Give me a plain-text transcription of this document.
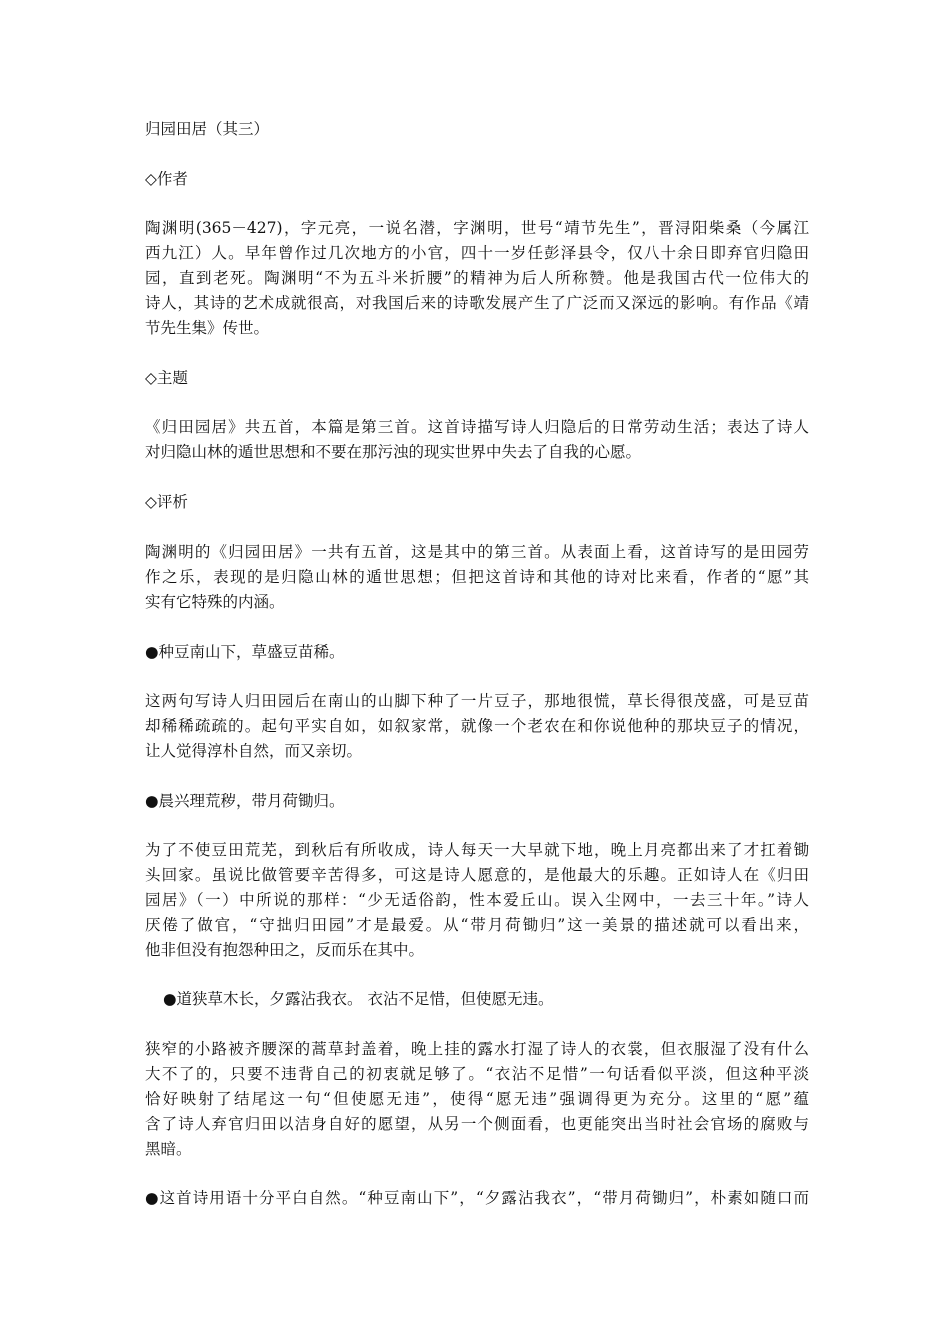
归园田居（其三）

◇作者

陶渊明(365－427)，字元亮，一说名潜，字渊明，世号“靖节先生”，晋浔阳柴桑（今属江
西九江）人。早年曾作过几次地方的小官，四十一岁任彭泽县令，仅八十余日即弃官归隐田
园，直到老死。陶渊明“不为五斗米折腰”的精神为后人所称赞。他是我国古代一位伟大的
诗人，其诗的艺术成就很高，对我国后来的诗歌发展产生了广泛而又深远的影响。有作品《靖
节先生集》传世。

◇主题

《归田园居》共五首，本篇是第三首。这首诗描写诗人归隐后的日常劳动生活；表达了诗人
对归隐山林的遁世思想和不要在那污浊的现实世界中失去了自我的心愿。

◇评析

陶渊明的《归园田居》一共有五首，这是其中的第三首。从表面上看，这首诗写的是田园劳
作之乐，表现的是归隐山林的遁世思想；但把这首诗和其他的诗对比来看，作者的“愿”其
实有它特殊的内涵。

●种豆南山下，草盛豆苗稀。

这两句写诗人归田园后在南山的山脚下种了一片豆子，那地很慌，草长得很茂盛，可是豆苗
却稀稀疏疏的。起句平实自如，如叙家常，就像一个老农在和你说他种的那块豆子的情况，
让人觉得淳朴自然，而又亲切。

●晨兴理荒秽，带月荷锄归。

为了不使豆田荒芜，到秋后有所收成，诗人每天一大早就下地，晚上月亮都出来了才扛着锄
头回家。虽说比做管要辛苦得多，可这是诗人愿意的，是他最大的乐趣。正如诗人在《归田
园居》（一）中所说的那样：“少无适俗韵，性本爱丘山。误入尘网中，一去三十年。”诗人
厌倦了做官，“守拙归田园”才是最爱。从“带月荷锄归”这一美景的描述就可以看出来，
他非但没有抱怨种田之，反而乐在其中。

●道狭草木长，夕露沾我衣。 衣沾不足惜，但使愿无违。

狭窄的小路被齐腰深的蒿草封盖着，晚上挂的露水打湿了诗人的衣裳，但衣服湿了没有什么
大不了的，只要不违背自己的初衷就足够了。“衣沾不足惜”一句话看似平淡，但这种平淡
恰好映射了结尾这一句“但使愿无违”，使得“愿无违”强调得更为充分。这里的“愿”蕴
含了诗人弃官归田以洁身自好的愿望，从另一个侧面看，也更能突出当时社会官场的腐败与
黑暗。
●这首诗用语十分平白自然。“种豆南山下”，“夕露沾我衣”，“带月荷锄归”，朴素如随口而
